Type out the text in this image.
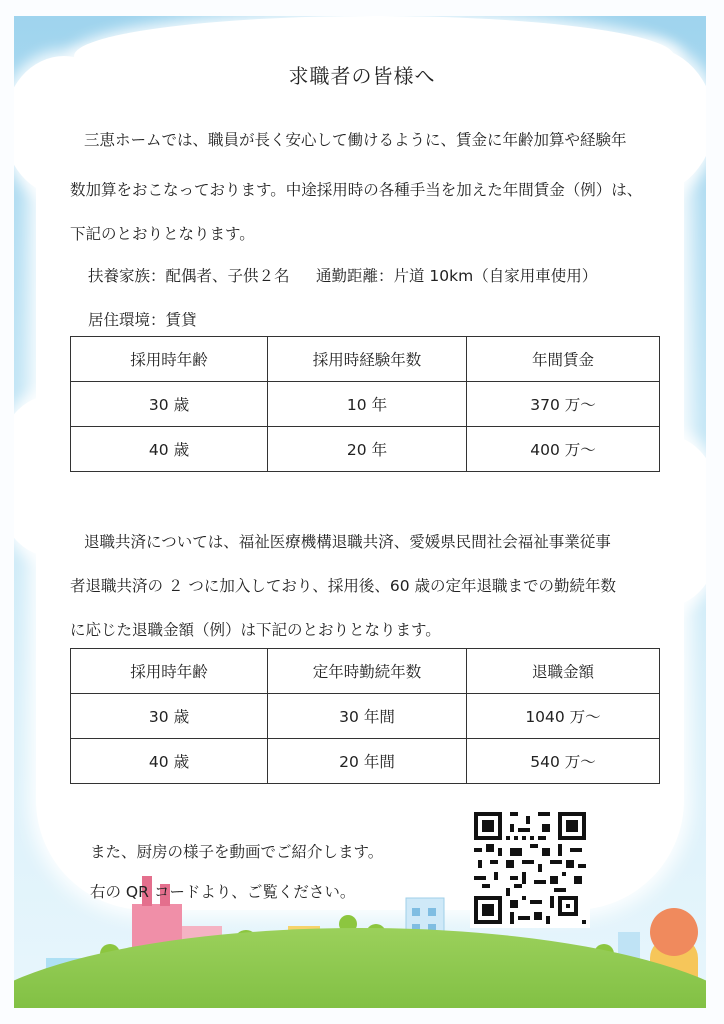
求職者の皆様へ
三恵ホームでは、職員が長く安心して働けるように、賃金に年齢加算や経験年
数加算をおこなっております。中途採用時の各種手当を加えた年間賃金（例）は、
下記のとおりとなります。
扶養家族：配偶者、子供２名 通勤距離：片道 10km（自家用車使用）
居住環境：賃貸
採用時年齢	採用時経験年数	年間賃金
30 歳	10 年	370 万～
40 歳	20 年	400 万～
退職共済については、福祉医療機構退職共済、愛媛県民間社会福祉事業従事
者退職共済の ２ つに加入しており、採用後、60 歳の定年退職までの勤続年数
に応じた退職金額（例）は下記のとおりとなります。
採用時年齢	定年時勤続年数	退職金額
30 歳	30 年間	1040 万～
40 歳	20 年間	540 万～
また、厨房の様子を動画でご紹介します。
右の QR コードより、ご覧ください。
